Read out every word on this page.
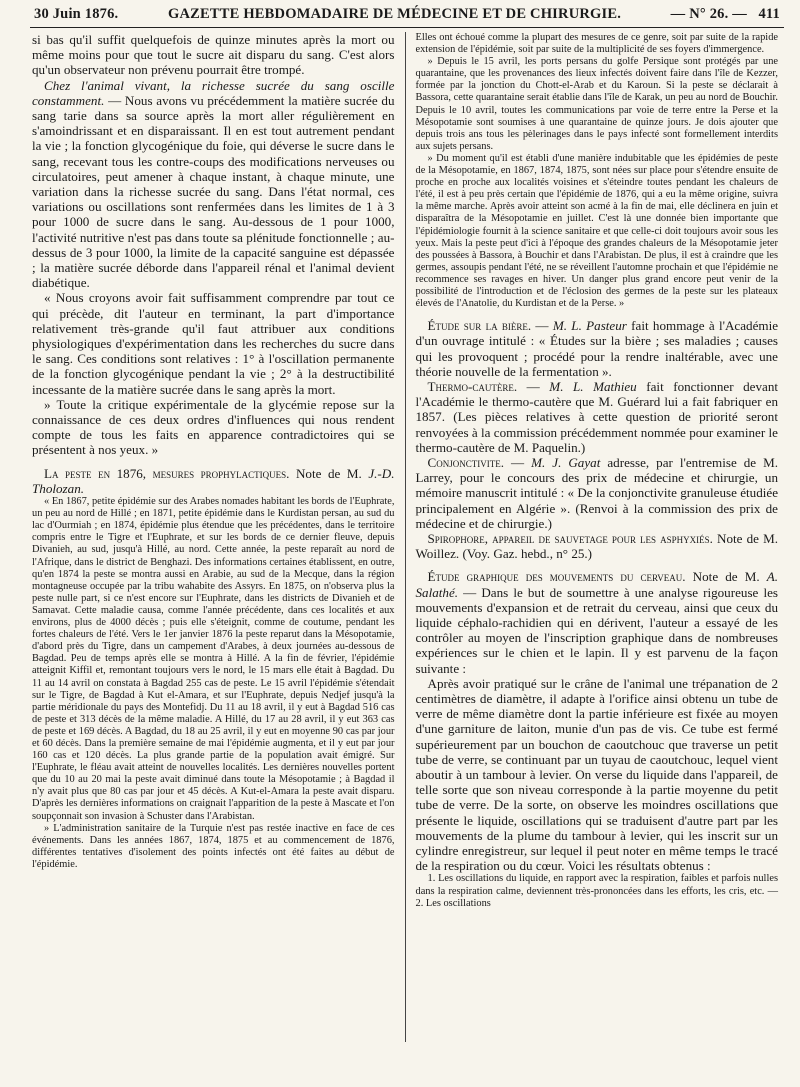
30 Juin 1876.	GAZETTE HEBDOMADAIRE DE MÉDECINE ET DE CHIRURGIE.	— N° 26. — 411

si bas qu'il suffit quelquefois de quinze minutes après la mort ou même moins pour que tout le sucre ait disparu du sang. C'est alors qu'un observateur non prévenu pourrait être trompé.

Chez l'animal vivant, la richesse sucrée du sang oscille constamment. — Nous avons vu précédemment la matière sucrée du sang tarie dans sa source après la mort aller régulièrement en s'amoindrissant et en disparaissant. Il en est tout autrement pendant la vie ; la fonction glycogénique du foie, qui déverse le sucre dans le sang, recevant tous les contre-coups des modifications nerveuses ou circulatoires, peut amener à chaque instant, à chaque minute, une variation dans la richesse sucrée du sang. Dans l'état normal, ces variations ou oscillations sont renfermées dans les limites de 1 à 3 pour 1000 de sucre dans le sang. Au-dessous de 1 pour 1000, l'activité nutritive n'est pas dans toute sa plénitude fonctionnelle ; au-dessus de 3 pour 1000, la limite de la capacité sanguine est dépassée ; la matière sucrée déborde dans l'appareil rénal et l'animal devient diabétique.

« Nous croyons avoir fait suffisamment comprendre par tout ce qui précède, dit l'auteur en terminant, la part d'importance relativement très-grande qu'il faut attribuer aux conditions physiologiques d'expérimentation dans les recherches du sucre dans le sang. Ces conditions sont relatives : 1° à l'oscillation permanente de la fonction glycogénique pendant la vie ; 2° à la destructibilité incessante de la matière sucrée dans le sang après la mort.

» Toute la critique expérimentale de la glycémie repose sur la connaissance de ces deux ordres d'influences qui nous rendent compte de tous les faits en apparence contradictoires qui se présentent à nos yeux. »

La peste en 1876, mesures prophylactiques. Note de M. J.-D. Tholozan.

« En 1867, petite épidémie sur des Arabes nomades habitant les bords de l'Euphrate, un peu au nord de Hillé ; en 1871, petite épidémie dans le Kurdistan persan, au sud du lac d'Ourmiah ; en 1874, épidémie plus étendue que les précédentes, dans le territoire compris entre le Tigre et l'Euphrate, et sur les bords de ce dernier fleuve, depuis Divanieh, au sud, jusqu'à Hillé, au nord. Cette année, la peste reparaît au nord de l'Afrique, dans le district de Benghazi. Des informations certaines établissent, en outre, qu'en 1874 la peste se montra aussi en Arabie, au sud de la Mecque, dans la région montagneuse occupée par la tribu wahabite des Assyrs. En 1875, on n'observa plus la peste nulle part, si ce n'est encore sur l'Euphrate, dans les districts de Divanieh et de Samavat. Cette maladie causa, comme l'année précédente, dans ces localités et aux environs, plus de 4000 décès ; puis elle s'éteignit, comme de coutume, pendant les fortes chaleurs de l'été. Vers le 1er janvier 1876 la peste reparut dans la Mésopotamie, d'abord près du Tigre, dans un campement d'Arabes, à deux journées au-dessous de Bagdad. Peu de temps après elle se montra à Hillé. A la fin de février, l'épidémie atteignit Kiffil et, remontant toujours vers le nord, le 15 mars elle était à Bagdad. Du 11 au 14 avril on constata à Bagdad 255 cas de peste. Le 15 avril l'épidémie s'étendait sur le Tigre, de Bagdad à Kut el-Amara, et sur l'Euphrate, depuis Nedjef jusqu'à la partie méridionale du pays des Montefidj. Du 11 au 18 avril, il y eut à Bagdad 516 cas de peste et 313 décès de la même maladie. A Hillé, du 17 au 28 avril, il y eut 363 cas de peste et 169 décès. A Bagdad, du 18 au 25 avril, il y eut en moyenne 90 cas par jour et 60 décès. Dans la première semaine de mai l'épidémie augmenta, et il y eut par jour 160 cas et 120 décès. La plus grande partie de la population avait émigré. Sur l'Euphrate, le fléau avait atteint de nouvelles localités. Les dernières nouvelles portent que du 10 au 20 mai la peste avait diminué dans toute la Mésopotamie ; à Bagdad il n'y avait plus que 80 cas par jour et 45 décès. A Kut-el-Amara la peste avait disparu. D'après les dernières informations on craignait l'apparition de la peste à Mascate et l'on soupçonnait son invasion à Schuster dans l'Arabistan.

» L'administration sanitaire de la Turquie n'est pas restée inactive en face de ces événements. Dans les années 1867, 1874, 1875 et au commencement de 1876, différentes tentatives d'isolement des points infectés ont été faites au début de l'épidémie.

Elles ont échoué comme la plupart des mesures de ce genre, soit par suite de la rapide extension de l'épidémie, soit par suite de la multiplicité de ses foyers d'immergence.

» Depuis le 15 avril, les ports persans du golfe Persique sont protégés par une quarantaine, que les provenances des lieux infectés doivent faire dans l'île de Kezzer, formée par la jonction du Chott-el-Arab et du Karoun. Si la peste se déclarait à Bassora, cette quarantaine serait établie dans l'île de Karak, un peu au nord de Bouchir. Depuis le 10 avril, toutes les communications par voie de terre entre la Perse et la Mésopotamie sont soumises à une quarantaine de quinze jours. Je dois ajouter que depuis trois ans tous les pèlerinages dans le pays infecté sont formellement interdits aux sujets persans.

» Du moment qu'il est établi d'une manière indubitable que les épidémies de peste de la Mésopotamie, en 1867, 1874, 1875, sont nées sur place pour s'étendre ensuite de proche en proche aux localités voisines et s'éteindre toutes pendant les chaleurs de l'été, il est à peu près certain que l'épidémie de 1876, qui a eu la même origine, suivra la même marche. Après avoir atteint son acmé à la fin de mai, elle déclinera en juin et disparaîtra de la Mésopotamie en juillet. C'est là une donnée bien importante que l'épidémiologie fournit à la science sanitaire et que celle-ci doit toujours avoir sous les yeux. Mais la peste peut d'ici à l'époque des grandes chaleurs de la Mésopotamie jeter des poussées à Bassora, à Bouchir et dans l'Arabistan. De plus, il est à craindre que les germes, assoupis pendant l'été, ne se réveillent l'automne prochain et que l'épidémie ne recommence ses ravages en hiver. Un danger plus grand encore peut venir de la possibilité de l'introduction et de l'éclosion des germes de la peste sur les plateaux élevés de l'Anatolie, du Kurdistan et de la Perse. »

Étude sur la bière. — M. L. Pasteur fait hommage à l'Académie d'un ouvrage intitulé : « Études sur la bière ; ses maladies ; causes qui les provoquent ; procédé pour la rendre inaltérable, avec une théorie nouvelle de la fermentation ».

Thermo-cautère. — M. L. Mathieu fait fonctionner devant l'Académie le thermo-cautère que M. Guérard lui a fait fabriquer en 1857. (Les pièces relatives à cette question de priorité seront renvoyées à la commission précédemment nommée pour examiner le thermo-cautère de M. Paquelin.)

Conjonctivite. — M. J. Gayat adresse, par l'entremise de M. Larrey, pour le concours des prix de médecine et chirurgie, un mémoire manuscrit intitulé : « De la conjonctivite granuleuse étudiée principalement en Algérie ». (Renvoi à la commission des prix de médecine et de chirurgie.)

Spirophore, appareil de sauvetage pour les asphyxiés. Note de M. Woillez. (Voy. Gaz. hebd., n° 25.)

Étude graphique des mouvements du cerveau. Note de M. A. Salathé. — Dans le but de soumettre à une analyse rigoureuse les mouvements d'expansion et de retrait du cerveau, ainsi que ceux du liquide céphalo-rachidien qui en dérivent, l'auteur a essayé de les contrôler au moyen de l'inscription graphique dans de nombreuses expériences sur le chien et le lapin. Il y est parvenu de la façon suivante :

Après avoir pratiqué sur le crâne de l'animal une trépanation de 2 centimètres de diamètre, il adapte à l'orifice ainsi obtenu un tube de verre de même diamètre dont la partie inférieure est fixée au moyen d'une garniture de laiton, munie d'un pas de vis. Ce tube est fermé supérieurement par un bouchon de caoutchouc que traverse un petit tube de verre, se continuant par un tuyau de caoutchouc, lequel vient aboutir à un tambour à levier. On verse du liquide dans l'appareil, de telle sorte que son niveau corresponde à la partie moyenne du petit tube de verre. De la sorte, on observe les moindres oscillations que présente le liquide, oscillations qui se traduisent d'autre part par les mouvements de la plume du tambour à levier, qui les inscrit sur un cylindre enregistreur, sur lequel il peut noter en même temps le tracé de la respiration ou du cœur. Voici les résultats obtenus :

1. Les oscillations du liquide, en rapport avec la respiration, faibles et parfois nulles dans la respiration calme, deviennent très-prononcées dans les efforts, les cris, etc. — 2. Les oscillations
